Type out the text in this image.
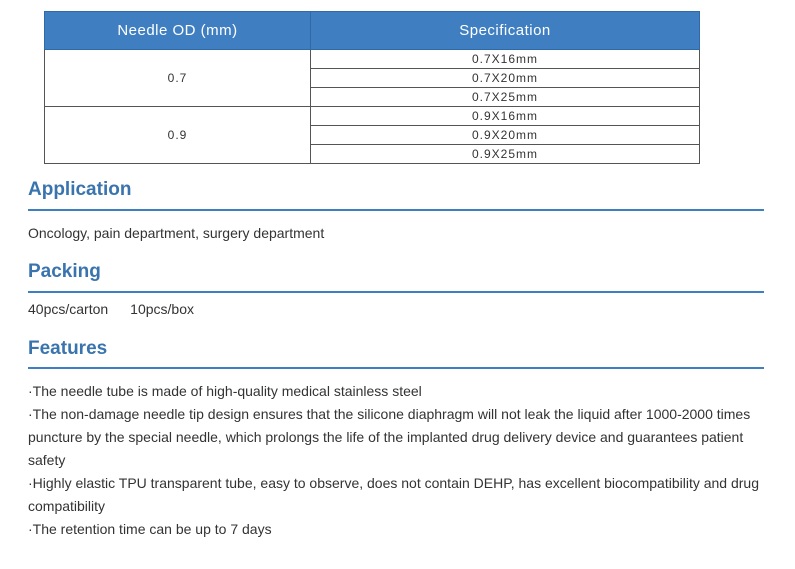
Needle OD (mm)	Specification
0.7	0.7X16mm
	0.7X20mm
	0.7X25mm
0.9	0.9X16mm
	0.9X20mm
	0.9X25mm
Application
Oncology, pain department, surgery department
Packing
40pcs/carton 10pcs/box
Features
·The needle tube is made of high-quality medical stainless steel
·The non-damage needle tip design ensures that the silicone diaphragm will not leak the liquid after 1000-2000 times puncture by the special needle, which prolongs the life of the implanted drug delivery device and guarantees patient safety
·Highly elastic TPU transparent tube, easy to observe, does not contain DEHP, has excellent biocompatibility and drug compatibility
·The retention time can be up to 7 days
